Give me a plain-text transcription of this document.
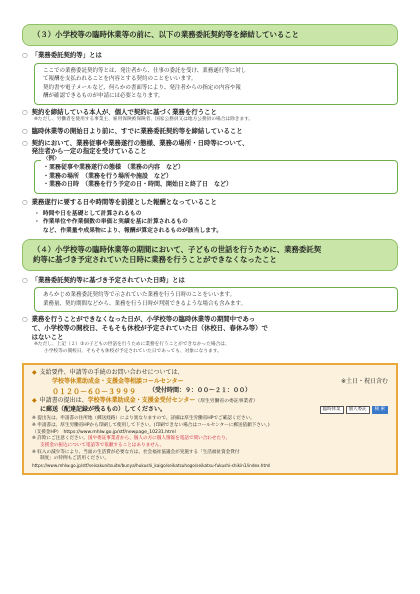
（３）小学校等の臨時休業等の前に、以下の業務委託契約等を締結していること
○ 「業務委託契約等」とは
ここでの業務委託契約等とは、発注者から、仕事の委託を受け、業務遂行等に対し
て報酬を支払われることを内容とする契約のことをいいます。
契約書や電子メールなど、何らかの書面等により、発注者からの指定の内容や報
酬が確認できるものが申請には必要となります。
○ 契約を締結している本人が、個人で契約に基づく業務を行うこと
※ただし、労働者を使用する事業主、雇用保険被保険者、国家公務員又は地方公務員の場合は除きます。
○ 臨時休業等の開始日より前に、すでに業務委託契約等を締結していること
○ 契約において、業務従事や業務遂行の態様、業務の場所・日時等について、
発注者から一定の指定を受けていること
〈例〉
・業務従事や業務遂行の態様　（業務の内容　など）
・業務の場所　（業務を行う場所や施設　など）
・業務の日時　（業務を行う予定の日・時間、開始日と終了日　など）
○ 業務遂行に要する日や時間等を前提とした報酬となっていること
・ 時間や日を基礎として計算されるもの
・ 作業単位や作業個数の単価と実績を基に計算されるもの

など、作業量や成果物により、報酬が算定されるものが該当します。
（４）小学校等の臨時休業等の期間において、子どもの世話を行うために、業務委託契
約等に基づき予定されていた日時に業務を行うことができなくなったこと
○ 「業務委託契約等に基づき予定されていた日時」とは
あらかじめ業務委託契約等で示されていた業務を行う日時のことをいいます。
業務量、契約期間などから、業務を行う日時が判別できるような場合も含みます。
○ 業務を行うことができなくなった日が、小学校等の臨時休業等の期間中であっ
て、小学校等の開校日、そもそも休校が予定されていた日（休校日、春休み等）で
はないこと
※ただし、上記（２）②の子どもの世話を行うために業務を行うことができなかった場合は、
小学校等の開校日、そもそも休校が予定されていた日であっても、対象になります。
◆ 支給要件、申請等の手続のお問い合わせについては、
学校等休業助成金・支援金等相談コールセンター	※土日・祝日含む
０１２０－６０－３９９９ （受付時間：９：００～２１：００）
◆ 申請書の提出は、学校等休業助成金・支援金受付センター（厚生労働省の委託事業者）
に郵送（配達記録が残るもの）してください。	臨時休業	個人委託	検 索
※ 提出先は、申請書の住所地（郵送経路）により異なりますので、詳細は厚生労働省HPでご確認ください。
※ 申請書は、厚生労働省HPから印刷して使用して下さい。(印刷できない場合はコールセンターに郵送依頼下さい。)
（支援金HP）　https://www.mhlw.go.jp/stf/newpage_10231.html
※ 詐欺にご注意ください。国や委託事業者から、個人の方に個人情報を電話で問い合わせたり、
支援金の振込について電話等で依頼することはありません。
※ 収入の減少等により、当面の生活費が必要な方は、社会福祉協議会が実施する「生活福祉資金貸付
制度」の特例もご活用ください。
https://www.mhlw.go.jp/stf/seisakunitsuite/bunya/hukushi_kaigo/seikatsuhogo/seikatsu-fukushi-shikin1/index.html
